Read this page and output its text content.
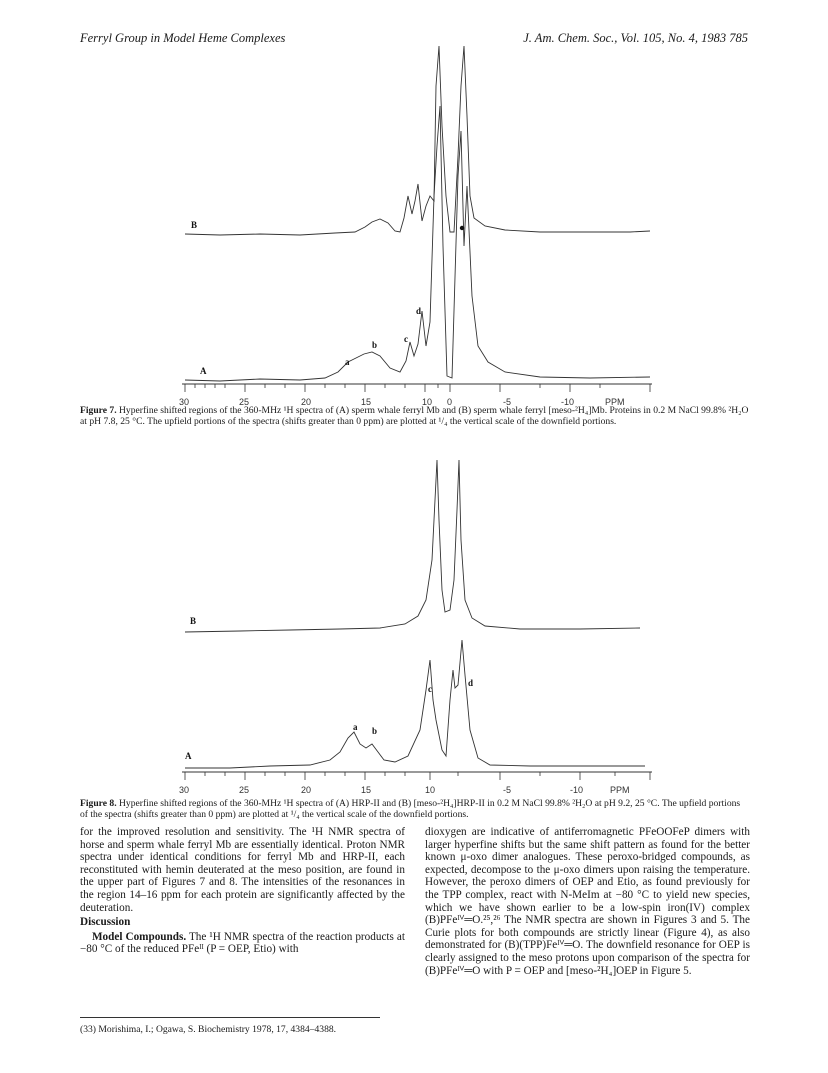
Ferryl Group in Model Heme Complexes	J. Am. Chem. Soc., Vol. 105, No. 4, 1983 785
B
A
a
b
c
d
30	25	20	15	10 0	-5	-10	PPM
Figure 7. Hyperfine shifted regions of the 360-MHz ¹H spectra of (A) sperm whale ferryl Mb and (B) sperm whale ferryl [meso-²H₄]Mb. Proteins in 0.2 M NaCl 99.8% ²H₂O at pH 7.8, 25 °C. The upfield portions of the spectra (shifts greater than 0 ppm) are plotted at ¹/₄ the vertical scale of the downfield portions.
B
A
a b
c
d
30	25	20	15	10	-5	-10	PPM
Figure 8. Hyperfine shifted regions of the 360-MHz ¹H spectra of (A) HRP-II and (B) [meso-²H₄]HRP-II in 0.2 M NaCl 99.8% ²H₂O at pH 9.2, 25 °C. The upfield portions of the spectra (shifts greater than 0 ppm) are plotted at ¹/₄ the vertical scale of the downfield portions.

for the improved resolution and sensitivity. The ¹H NMR spectra of horse and sperm whale ferryl Mb are essentially identical. Proton NMR spectra under identical conditions for ferryl Mb and HRP-II, each reconstituted with hemin deuterated at the meso position, are found in the upper part of Figures 7 and 8. The intensities of the resonances in the region 14–16 ppm for each protein are significantly affected by the deuteration.

Discussion

Model Compounds. The ¹H NMR spectra of the reaction products at −80 °C of the reduced PFeᴵᴵ (P = OEP, Etio) with

(33) Morishima, I.; Ogawa, S. Biochemistry 1978, 17, 4384–4388.

dioxygen are indicative of antiferromagnetic PFeOOFeP dimers with larger hyperfine shifts but the same shift pattern as found for the better known μ-oxo dimer analogues. These peroxo-bridged compounds, as expected, decompose to the μ-oxo dimers upon raising the temperature. However, the peroxo dimers of OEP and Etio, as found previously for the TPP complex, react with N-MeIm at −80 °C to yield new species, which we have shown earlier to be a low-spin iron(IV) complex (B)PFeᴵⱽ═O.²⁵,²⁶ The NMR spectra are shown in Figures 3 and 5. The Curie plots for both compounds are strictly linear (Figure 4), as also demonstrated for (B)(TPP)Feᴵⱽ═O. The downfield resonance for OEP is clearly assigned to the meso protons upon comparison of the spectra for (B)PFeᴵⱽ═O with P = OEP and [meso-²H₄]OEP in Figure 5.
